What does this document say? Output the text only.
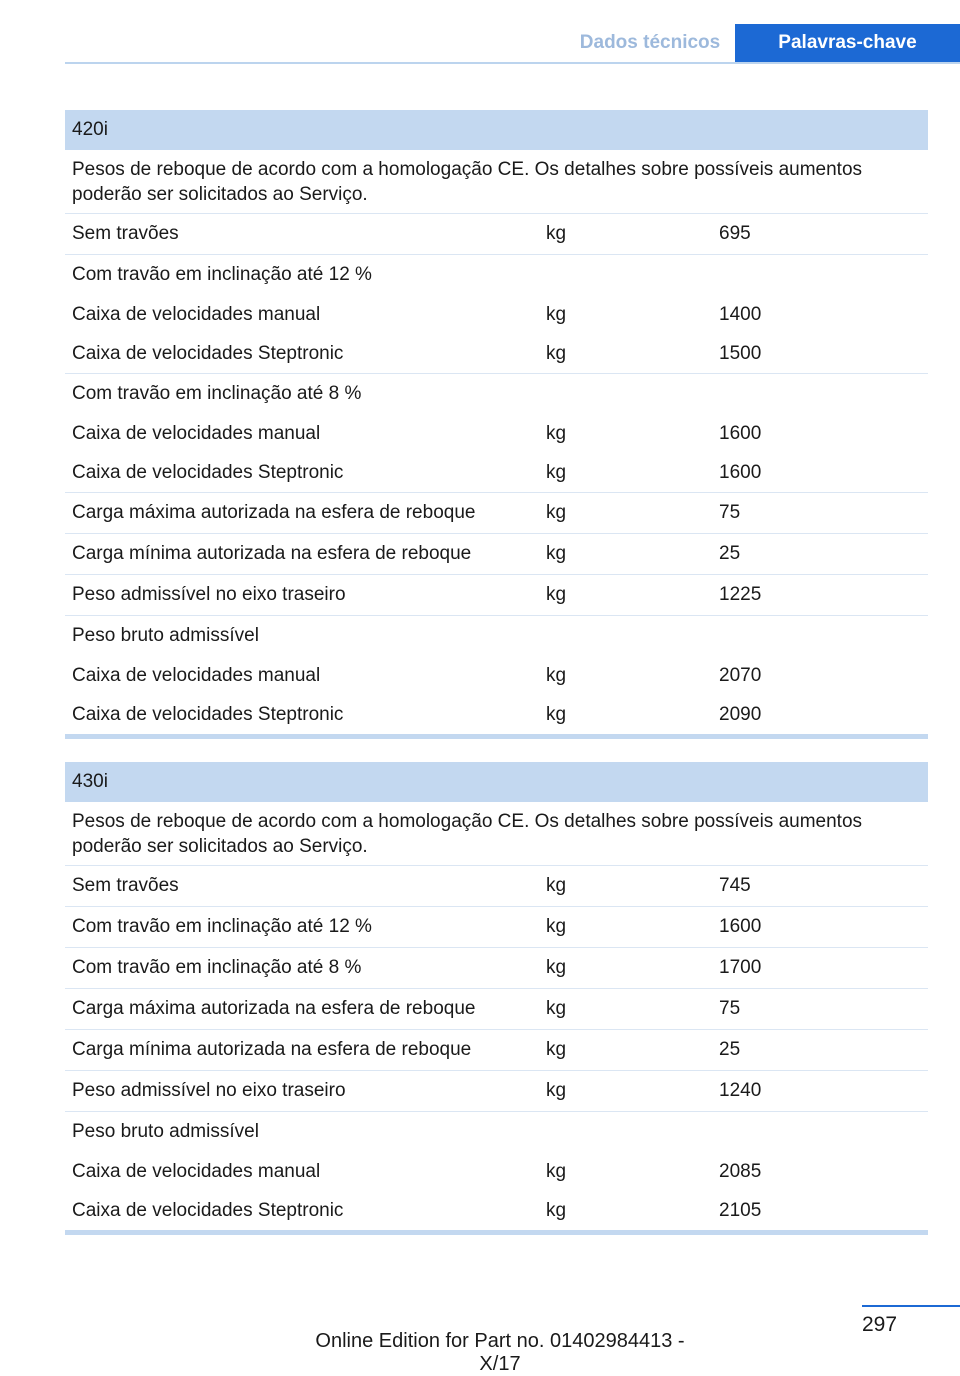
Dados técnicos	Palavras-chave
420i
Pesos de reboque de acordo com a homologação CE. Os detalhes sobre possíveis aumentos poderão ser solicitados ao Serviço.
Sem travões	kg	695
Com travão em inclinação até 12 %
Caixa de velocidades manual	kg	1400
Caixa de velocidades Steptronic	kg	1500
Com travão em inclinação até 8 %
Caixa de velocidades manual	kg	1600
Caixa de velocidades Steptronic	kg	1600
Carga máxima autorizada na esfera de reboque	kg	75
Carga mínima autorizada na esfera de reboque	kg	25
Peso admissível no eixo traseiro	kg	1225
Peso bruto admissível
Caixa de velocidades manual	kg	2070
Caixa de velocidades Steptronic	kg	2090
430i
Pesos de reboque de acordo com a homologação CE. Os detalhes sobre possíveis aumentos poderão ser solicitados ao Serviço.
Sem travões	kg	745
Com travão em inclinação até 12 %	kg	1600
Com travão em inclinação até 8 %	kg	1700
Carga máxima autorizada na esfera de reboque	kg	75
Carga mínima autorizada na esfera de reboque	kg	25
Peso admissível no eixo traseiro	kg	1240
Peso bruto admissível
Caixa de velocidades manual	kg	2085
Caixa de velocidades Steptronic	kg	2105
297
Online Edition for Part no. 01402984413 - X/17
